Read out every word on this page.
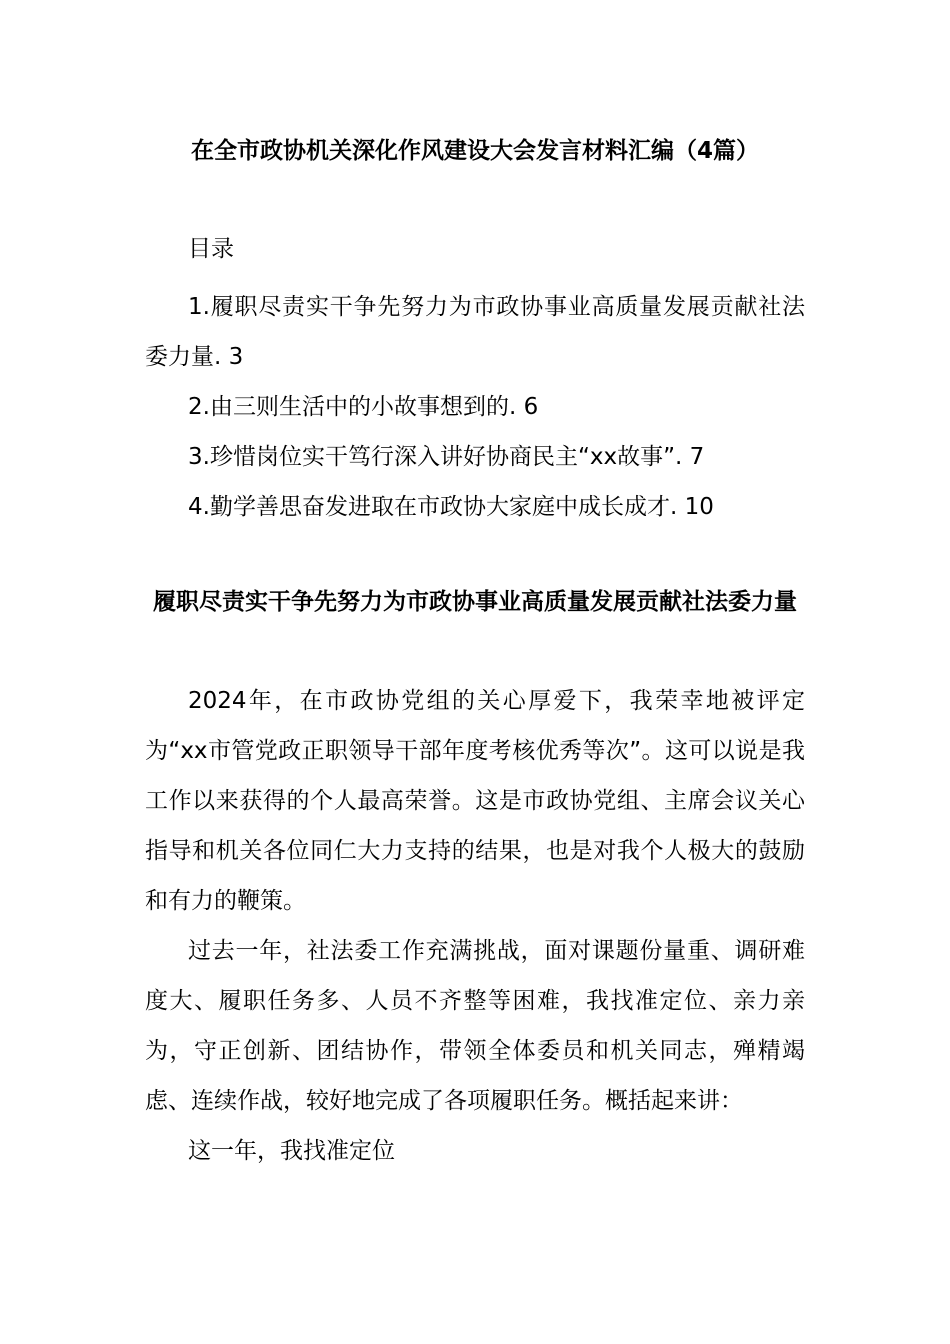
在全市政协机关深化作风建设大会发言材料汇编（4篇）
目录
1.履职尽责实干争先努力为市政协事业高质量发展贡献社法委力量. 3
2.由三则生活中的小故事想到的. 6
3.珍惜岗位实干笃行深入讲好协商民主“xx故事”. 7
4.勤学善思奋发进取在市政协大家庭中成长成才. 10
履职尽责实干争先努力为市政协事业高质量发展贡献社法委力量

2024年，在市政协党组的关心厚爱下，我荣幸地被评定为“xx市管党政正职领导干部年度考核优秀等次”。这可以说是我工作以来获得的个人最高荣誉。这是市政协党组、主席会议关心指导和机关各位同仁大力支持的结果，也是对我个人极大的鼓励和有力的鞭策。

过去一年，社法委工作充满挑战，面对课题份量重、调研难度大、履职任务多、人员不齐整等困难，我找准定位、亲力亲为，守正创新、团结协作，带领全体委员和机关同志，殚精竭虑、连续作战，较好地完成了各项履职任务。概括起来讲：

这一年，我找准定位
